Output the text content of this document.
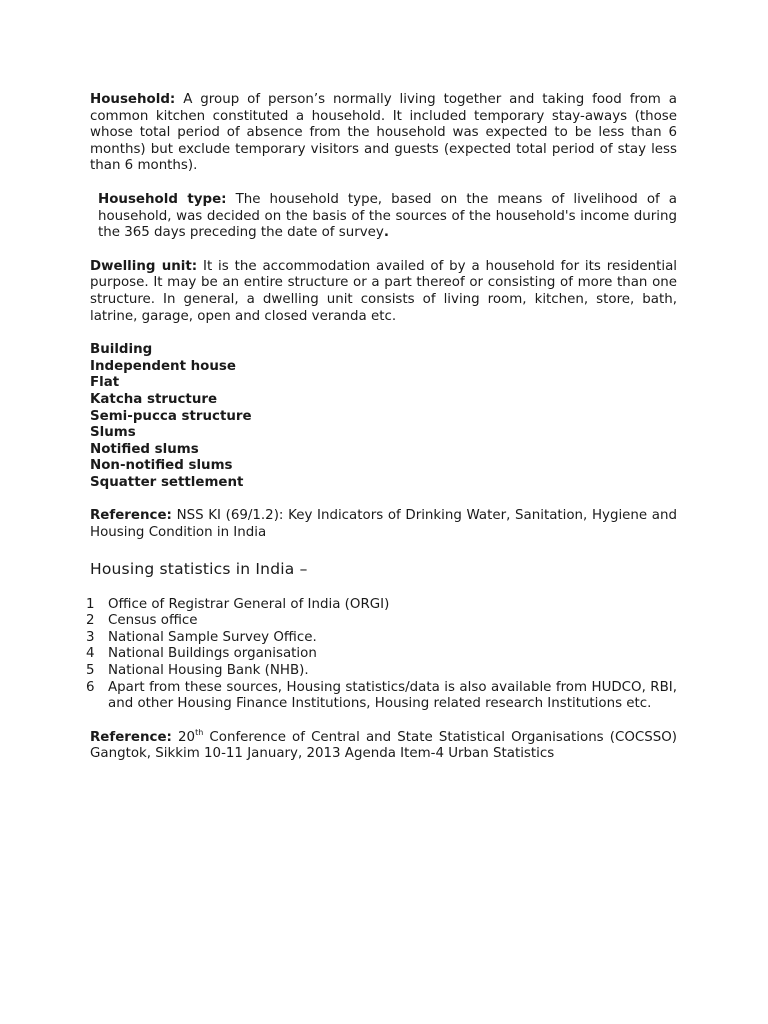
Household: A group of person’s normally living together and taking food from a common kitchen constituted a household. It included temporary stay-aways (those whose total period of absence from the household was expected to be less than 6 months) but exclude temporary visitors and guests (expected total period of stay less than 6 months).

Household type: The household type, based on the means of livelihood of a household, was decided on the basis of the sources of the household's income during the 365 days preceding the date of survey.

Dwelling unit: It is the accommodation availed of by a household for its residential purpose. It may be an entire structure or a part thereof or consisting of more than one structure. In general, a dwelling unit consists of living room, kitchen, store, bath, latrine, garage, open and closed veranda etc.

Building
Independent house
Flat
Katcha structure
Semi-pucca structure
Slums
Notified slums
Non-notified slums
Squatter settlement

Reference: NSS KI (69/1.2): Key Indicators of Drinking Water, Sanitation, Hygiene and Housing Condition in India

Housing statistics in India –
1 Office of Registrar General of India (ORGI)
2 Census office
3 National Sample Survey Office.
4 National Buildings organisation
5 National Housing Bank (NHB).
6 Apart from these sources, Housing statistics/data is also available from HUDCO, RBI, and other Housing Finance Institutions, Housing related research Institutions etc.

Reference: 20th Conference of Central and State Statistical Organisations (COCSSO) Gangtok, Sikkim 10-11 January, 2013 Agenda Item-4 Urban Statistics
